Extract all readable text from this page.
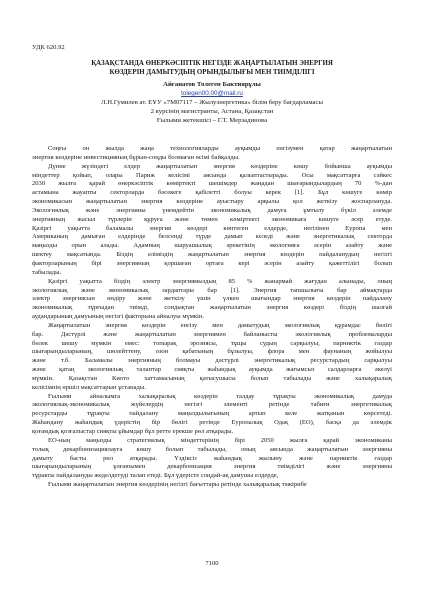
УДК 620.92
ҚАЗАҚСТАНДА ӨНЕРКӘСІПТІК НЕГІЗДЕ ЖАҢАРТЫЛАТЫН ЭНЕРГИЯ
КӨЗДЕРІН ДАМЫТУДЫҢ ОРЫНДЫЛЫҒЫ МЕН ТИІМДІЛІГІ
Айганатов Толеген Бактиярұлы
tolegen00.00@mail.ru
Л.Н.Гумилев ат. ЕҰУ «7М07117 – Жылуэнергетика» білім беру бағдарламасы
2 курсінің магистранты, Астана, Қазақстан
Ғылыми жетекшісі – Г.Т. Мерзадинова

Соңғы он жылда жаңа технологияларды ауқымды енгізумен қатар жаңартылатын
энергия көздеріне инвестицияның бұрын-соңды болмаған өсімі байқалды.

Дүние жүзіндегі елдер жаңартылатын энергия көздеріне көшу бойынша ауқымды
міндеттер қойып, олары Париж келісімі аясында қалыптастырады. Осы мақсаттарға сәйкес
2030 жылға қарай өнеркәсіптік көміртекті шешімдер жаңадан шығарындылардың 70 %-дан
астамына жауапты секторларда бәсекеге қабілетті болуы керек [1]. Бұл көшуге көмір
экономикасын жаңартылатын энергия көздеріне ауыстыру арқылы қол жеткізу жоспарлануда.
Экологиялық және энергияны үнемдейтін экономикалық дамуға ұмтылу бүкіл әлемде
энергияның жасыл түрлерін құруға және төмен көміртекті экономикаға көшуге әсер етуде.
Қазіргі уақытта баламалы энергия көздері көптеген елдерде, негізінен Еуропа мен
Американың дамыған елдерінде белсенді түрде дамып келеді және энергетикалық сектордa
маңызды орын алады. Адамның шаруашылық әрекетінің экологияға әсерін азайту және
шектеу мақсатында. Біздің еліміздің жаңартылатын энергия көздерін пайдаланудың негізгі
факторларының бірі энергияның қоршаған ортаға кері әсерін азайту қажеттілігі болып
табылады.

Қазіргі уақытта біздің электр энергиямыздың 85 % жанармай жағудан алынады, оның
экологиялық және экономикалық зардаптары бар [1]. Энергия тапшылығы бар аймақтарда
электр энергиясын өндіру және жеткізу үшін үлкен шығындар энергия көздерін пайдалану
экономикалық тұрғыдан тиімді, сондықтан жаңартылатын энергия көздері біздің шалғай
аудандарының дамуының негізгі факторына айналуы мүмкін.

Жаңартылатын энергия көздерін енгізу мен дамытудың экологиялық құрамдас бөлігі
бар. Дәстүрлі және жаңартылатын энергиямен байланысты экологиялық проблемаларды
бөлек шешу мүмкін емес: топырақ эрозиясы, тұщы судың сарқылуы, парниктік газдар
шығарындыларының, шөлейттену, озон қабатының бұзылуы, флора мен фаунаның жойылуы
және т.б. Баламалы энергияның болмауы дәстүрлі энергетикалық ресурстардың сарқылуы
және қатаң экологиялық талаптар сияқты жаһандық ауқымда жағымсыз салдарларға әкелуі
мүмкін. Қазақстан Киото хаттамасының қатысушысы болып табылады және халықаралық
келісімнің өршіл мақсаттарын ұстанады.

Ғылыми айналымға халықаралық көздерін талдау тұрақты экономикалық дамуда
экологиялық-экономикалық жүйелердің негізгі элементі ретінде табиғи энергетикалық
ресурстарды тұрақты пайдалану маңыздылығының артып келе жатқанын көрсетеді.
Жаһандану жаһандық үдерістің бір бөлігі ретінде Еуропалық Одақ (ЕО), басқа да әлемдік
қоғамдық қозғалыстар сияқты ұйымдар бұл ретте ерекше рөл атқарады.

ЕО-ның маңызды стратегиялық міндеттерінің бірі 2050 жылға қарай экономиканы
толық декарбонизациялауға көшу болып табылады, оның аясында жаңартылатын энергияны
дамыту басты рөл атқарады. Үздіксіз жаһандық жылыну және парниктік газдар
шығарындыларының ұлғаюымен декарбонизация энергия тиімділігі және энергияны
тұракты пайдалануды жеделдетуді талап етеді. Бұл үдерісте соңдай-ақ дамушы елдерде,

Ғылыми жаңартылатын энергия көздерінің негізгі бағыттары ретінде халықаралық тәжірибе

7100
